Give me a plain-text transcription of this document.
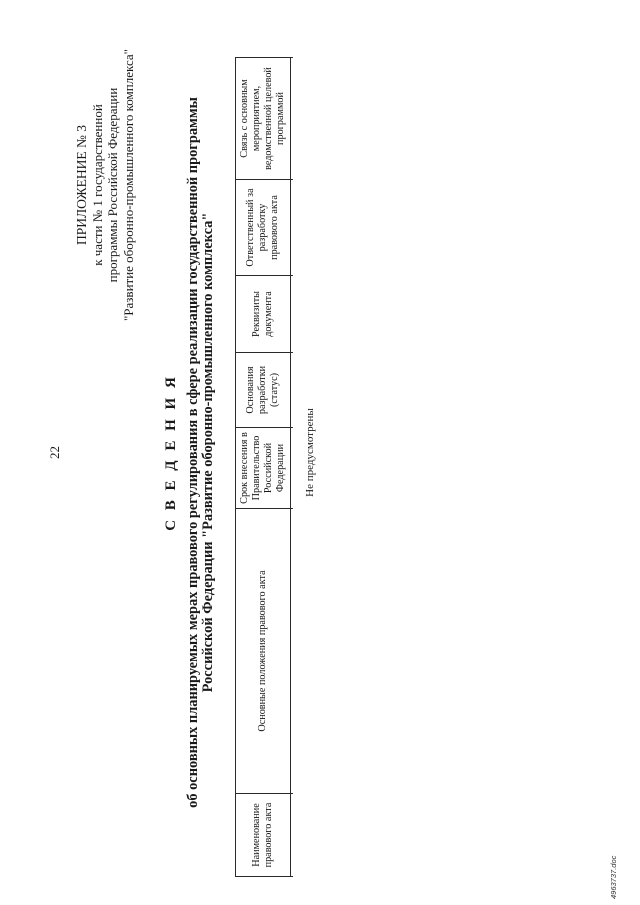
22
ПРИЛОЖЕНИЕ № 3 к части № 1 государственной программы Российской Федерации "Развитие оборонно-промышленного комплекса"
С В Е Д Е Н И Я об основных планируемых мерах правового регулирования в сфере реализации государственной программы Российской Федерации "Развитие оборонно-промышленного комплекса"
Наименование правового акта	Основные положения правового акта	Срок внесения в Правительство Российской Федерации	Основания разработки (статус)	Реквизиты документа	Ответственный за разработку правового акта	Связь с основным мероприятием, ведомственной целевой программой

Не предусмотрены
4963737.doc
